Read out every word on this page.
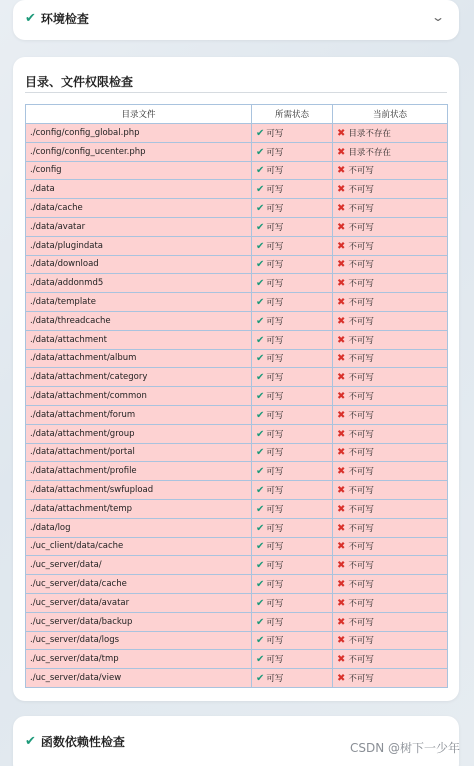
✔ 环境检查	⌄
目录、文件权限检查
目录文件	所需状态	当前状态
./config/config_global.php	✔ 可写	✖ 目录不存在
./config/config_ucenter.php	✔ 可写	✖ 目录不存在
./config	✔ 可写	✖ 不可写
./data	✔ 可写	✖ 不可写
./data/cache	✔ 可写	✖ 不可写
./data/avatar	✔ 可写	✖ 不可写
./data/plugindata	✔ 可写	✖ 不可写
./data/download	✔ 可写	✖ 不可写
./data/addonmd5	✔ 可写	✖ 不可写
./data/template	✔ 可写	✖ 不可写
./data/threadcache	✔ 可写	✖ 不可写
./data/attachment	✔ 可写	✖ 不可写
./data/attachment/album	✔ 可写	✖ 不可写
./data/attachment/category	✔ 可写	✖ 不可写
./data/attachment/common	✔ 可写	✖ 不可写
./data/attachment/forum	✔ 可写	✖ 不可写
./data/attachment/group	✔ 可写	✖ 不可写
./data/attachment/portal	✔ 可写	✖ 不可写
./data/attachment/profile	✔ 可写	✖ 不可写
./data/attachment/swfupload	✔ 可写	✖ 不可写
./data/attachment/temp	✔ 可写	✖ 不可写
./data/log	✔ 可写	✖ 不可写
./uc_client/data/cache	✔ 可写	✖ 不可写
./uc_server/data/	✔ 可写	✖ 不可写
./uc_server/data/cache	✔ 可写	✖ 不可写
./uc_server/data/avatar	✔ 可写	✖ 不可写
./uc_server/data/backup	✔ 可写	✖ 不可写
./uc_server/data/logs	✔ 可写	✖ 不可写
./uc_server/data/tmp	✔ 可写	✖ 不可写
./uc_server/data/view	✔ 可写	✖ 不可写
✔ 函数依赖性检查	CSDN @树下一少年
